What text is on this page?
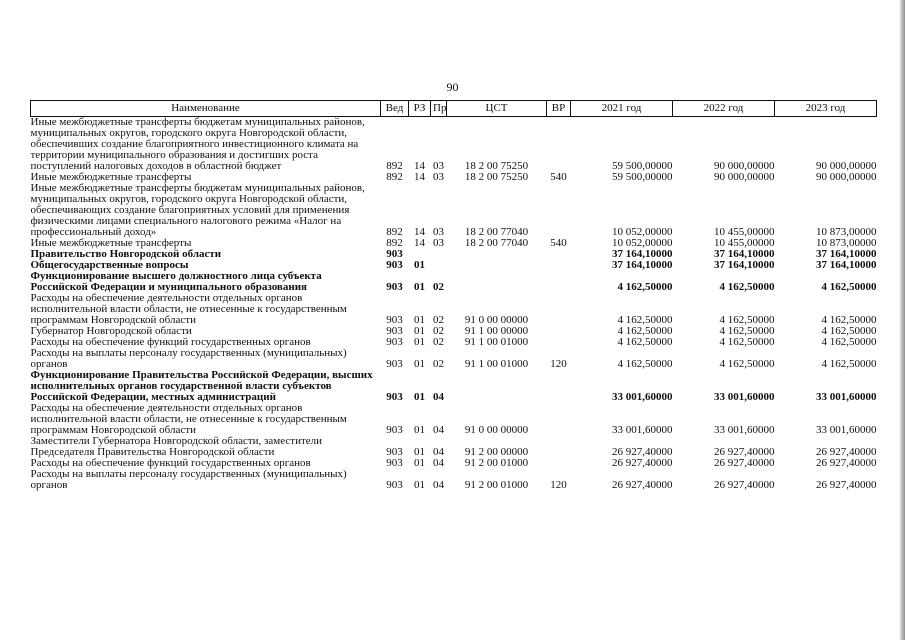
90
Наименование	Вед	РЗ	Пр	ЦСТ	ВР	2021 год	2022 год	2023 год
Иные межбюджетные трансферты бюджетам муниципальных районов, муниципальных округов, городского округа Новгородской области, обеспечивших создание благоприятного инвестиционного климата на территории муниципального образования и достигших роста поступлений налоговых доходов в областной бюджет	892	14	03	18 2 00 75250		59 500,00000	90 000,00000	90 000,00000
Иные межбюджетные трансферты	892	14	03	18 2 00 75250	540	59 500,00000	90 000,00000	90 000,00000
Иные межбюджетные трансферты бюджетам муниципальных районов, муниципальных округов, городского округа Новгородской области, обеспечивающих создание благоприятных условий для применения физическими лицами специального налогового режима «Налог на профессиональный доход»	892	14	03	18 2 00 77040		10 052,00000	10 455,00000	10 873,00000
Иные межбюджетные трансферты	892	14	03	18 2 00 77040	540	10 052,00000	10 455,00000	10 873,00000
Правительство Новгородской области	903					37 164,10000	37 164,10000	37 164,10000
Общегосударственные вопросы	903	01				37 164,10000	37 164,10000	37 164,10000
Функционирование высшего должностного лица субъекта Российской Федерации и муниципального образования	903	01	02			4 162,50000	4 162,50000	4 162,50000
Расходы на обеспечение деятельности отдельных органов исполнительной власти области, не отнесенные к государственным программам Новгородской области	903	01	02	91 0 00 00000		4 162,50000	4 162,50000	4 162,50000
Губернатор Новгородской области	903	01	02	91 1 00 00000		4 162,50000	4 162,50000	4 162,50000
Расходы на обеспечение функций государственных органов	903	01	02	91 1 00 01000		4 162,50000	4 162,50000	4 162,50000
Расходы на выплаты персоналу государственных (муниципальных) органов	903	01	02	91 1 00 01000	120	4 162,50000	4 162,50000	4 162,50000
Функционирование Правительства Российской Федерации, высших исполнительных органов государственной власти субъектов Российской Федерации, местных администраций	903	01	04			33 001,60000	33 001,60000	33 001,60000
Расходы на обеспечение деятельности отдельных органов исполнительной власти области, не отнесенные к государственным программам Новгородской области	903	01	04	91 0 00 00000		33 001,60000	33 001,60000	33 001,60000
Заместители Губернатора Новгородской области, заместители Председателя Правительства Новгородской области	903	01	04	91 2 00 00000		26 927,40000	26 927,40000	26 927,40000
Расходы на обеспечение функций государственных органов	903	01	04	91 2 00 01000		26 927,40000	26 927,40000	26 927,40000
Расходы на выплаты персоналу государственных (муниципальных) органов	903	01	04	91 2 00 01000	120	26 927,40000	26 927,40000	26 927,40000
